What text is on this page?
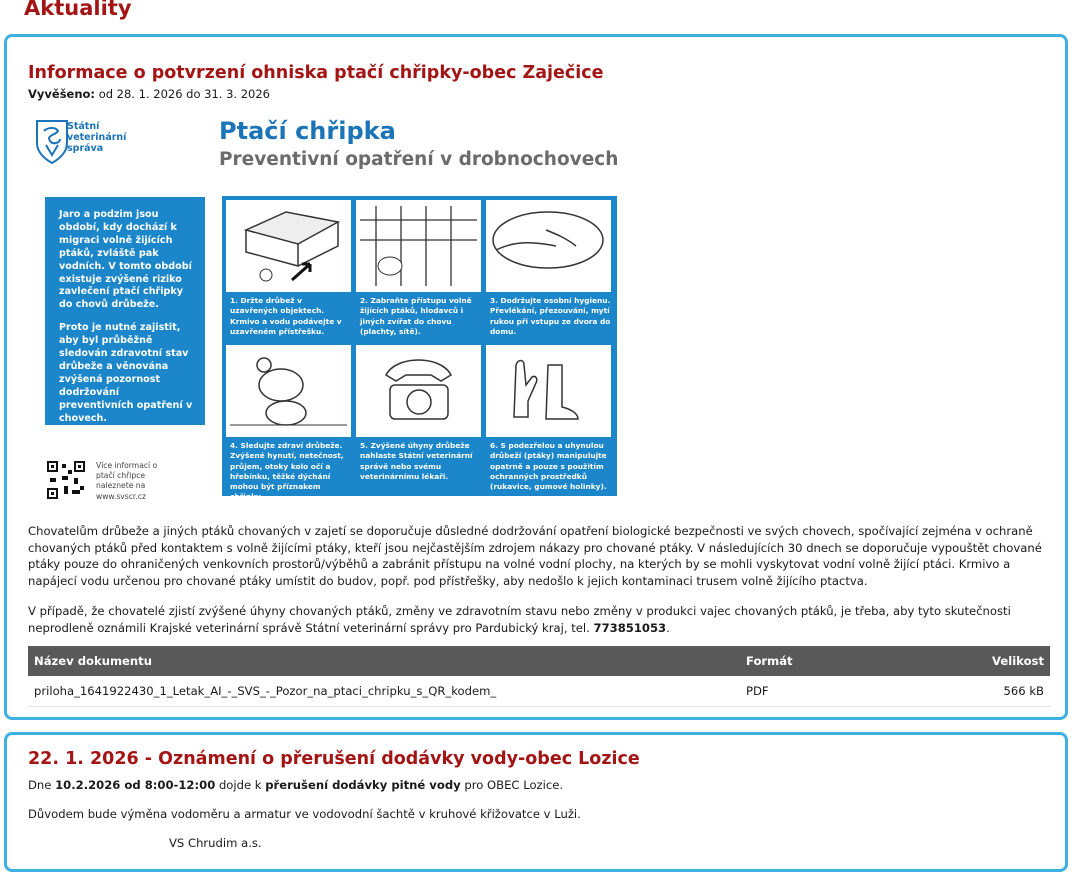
Aktuality
Informace o potvrzení ohniska ptačí chřipky-obec Zaječice
Vyvěšeno: od 28. 1. 2026 do 31. 3. 2026
Státní
veterinární
správa
Ptačí chřipka
Preventivní opatření v drobnochovech

Jaro a podzim jsou období, kdy dochází k migraci volně žijících ptáků, zvláště pak vodních. V tomto období existuje zvýšené riziko zavlečení ptačí chřipky do chovů drůbeže.

Proto je nutné zajistit, aby byl průběžně sledován zdravotní stav drůbeže a věnována zvýšená pozornost dodržování preventivních opatření v chovech.

1. Držte drůbež v uzavřených objektech. Krmivo a vodu podávejte v uzavřeném přístřešku.
2. Zabraňte přístupu volně žijících ptáků, hlodavců i jiných zvířat do chovu (plachty, sítě).
3. Dodržujte osobní hygienu. Převlékání, přezouvání, mytí rukou při vstupu ze dvora do domu.
4. Sledujte zdraví drůbeže. Zvýšené hynutí, netečnost, průjem, otoky kolo očí a hřebínku, těžké dýchání mohou být příznakem chřipky.
5. Zvýšené úhyny drůbeže nahlaste Státní veterinární správě nebo svému veterinárnímu lékaři.
6. S podezřelou a uhynulou drůbeží (ptáky) manipulujte opatrně a pouze s použitím ochranných prostředků (rukavice, gumové holinky).
Více informací o ptačí chřipce naleznete na www.svscr.cz

Chovatelům drůbeže a jiných ptáků chovaných v zajetí se doporučuje důsledné dodržování opatření biologické bezpečnosti ve svých chovech, spočívající zejména v ochraně chovaných ptáků před kontaktem s volně žijícími ptáky, kteří jsou nejčastějším zdrojem nákazy pro chované ptáky. V následujících 30 dnech se doporučuje vypouštět chované ptáky pouze do ohraničených venkovních prostorů/výběhů a zabránit přístupu na volné vodní plochy, na kterých by se mohli vyskytovat vodní volně žijící ptáci. Krmivo a napájecí vodu určenou pro chované ptáky umístit do budov, popř. pod přístřešky, aby nedošlo k jejich kontaminaci trusem volně žijícího ptactva.

V případě, že chovatelé zjistí zvýšené úhyny chovaných ptáků, změny ve zdravotním stavu nebo změny v produkci vajec chovaných ptáků, je třeba, aby tyto skutečnosti neprodleně oznámili Krajské veterinární správě Státní veterinární správy pro Pardubický kraj, tel. 773851053.

Název dokumentu	Formát	Velikost
priloha_1641922430_1_Letak_AI_-_SVS_-_Pozor_na_ptaci_chripku_s_QR_kodem_	PDF	566 kB
22. 1. 2026 - Oznámení o přerušení dodávky vody-obec Lozice

Dne 10.2.2026 od 8:00-12:00 dojde k přerušení dodávky pitné vody pro OBEC Lozice.

Důvodem bude výměna vodoměru a armatur ve vodovodní šachtě v kruhové křižovatce v Luži.

VS Chrudim a.s.
